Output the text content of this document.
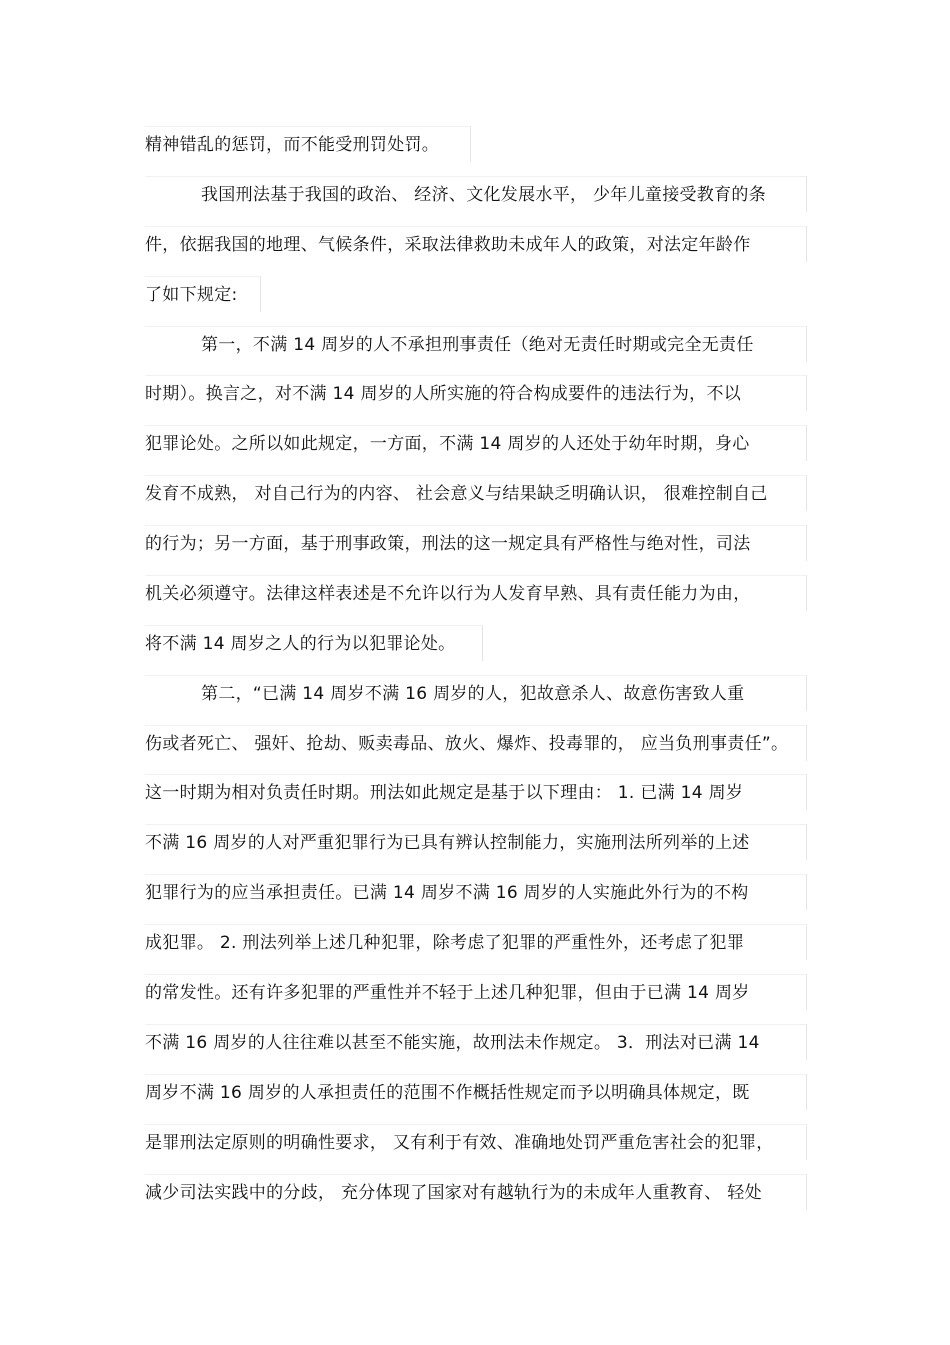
精神错乱的惩罚，而不能受刑罚处罚。
我国刑法基于我国的政治、 经济、文化发展水平， 少年儿童接受教育的条
件，依据我国的地理、气候条件，采取法律救助未成年人的政策，对法定年龄作
了如下规定:
第一，不满 14 周岁的人不承担刑事责任（绝对无责任时期或完全无责任
时期）。换言之，对不满 14 周岁的人所实施的符合构成要件的违法行为，不以
犯罪论处。之所以如此规定，一方面，不满 14 周岁的人还处于幼年时期，身心
发育不成熟， 对自己行为的内容、 社会意义与结果缺乏明确认识， 很难控制自己
的行为；另一方面，基于刑事政策，刑法的这一规定具有严格性与绝对性，司法
机关必须遵守。法律这样表述是不允许以行为人发育早熟、具有责任能力为由，
将不满 14 周岁之人的行为以犯罪论处。
第二，“已满 14 周岁不满 16 周岁的人，犯故意杀人、故意伤害致人重
伤或者死亡、 强奸、抢劫、贩卖毒品、放火、爆炸、投毒罪的， 应当负刑事责任”。
这一时期为相对负责任时期。刑法如此规定是基于以下理由： 1. 已满 14 周岁
不满 16 周岁的人对严重犯罪行为已具有辨认控制能力，实施刑法所列举的上述
犯罪行为的应当承担责任。已满 14 周岁不满 16 周岁的人实施此外行为的不构
成犯罪。 2. 刑法列举上述几种犯罪，除考虑了犯罪的严重性外，还考虑了犯罪
的常发性。还有许多犯罪的严重性并不轻于上述几种犯罪，但由于已满 14 周岁
不满 16 周岁的人往往难以甚至不能实施，故刑法未作规定。 3．刑法对已满 14
周岁不满 16 周岁的人承担责任的范围不作概括性规定而予以明确具体规定，既
是罪刑法定原则的明确性要求， 又有利于有效、准确地处罚严重危害社会的犯罪，
减少司法实践中的分歧， 充分体现了国家对有越轨行为的未成年人重教育、 轻处
